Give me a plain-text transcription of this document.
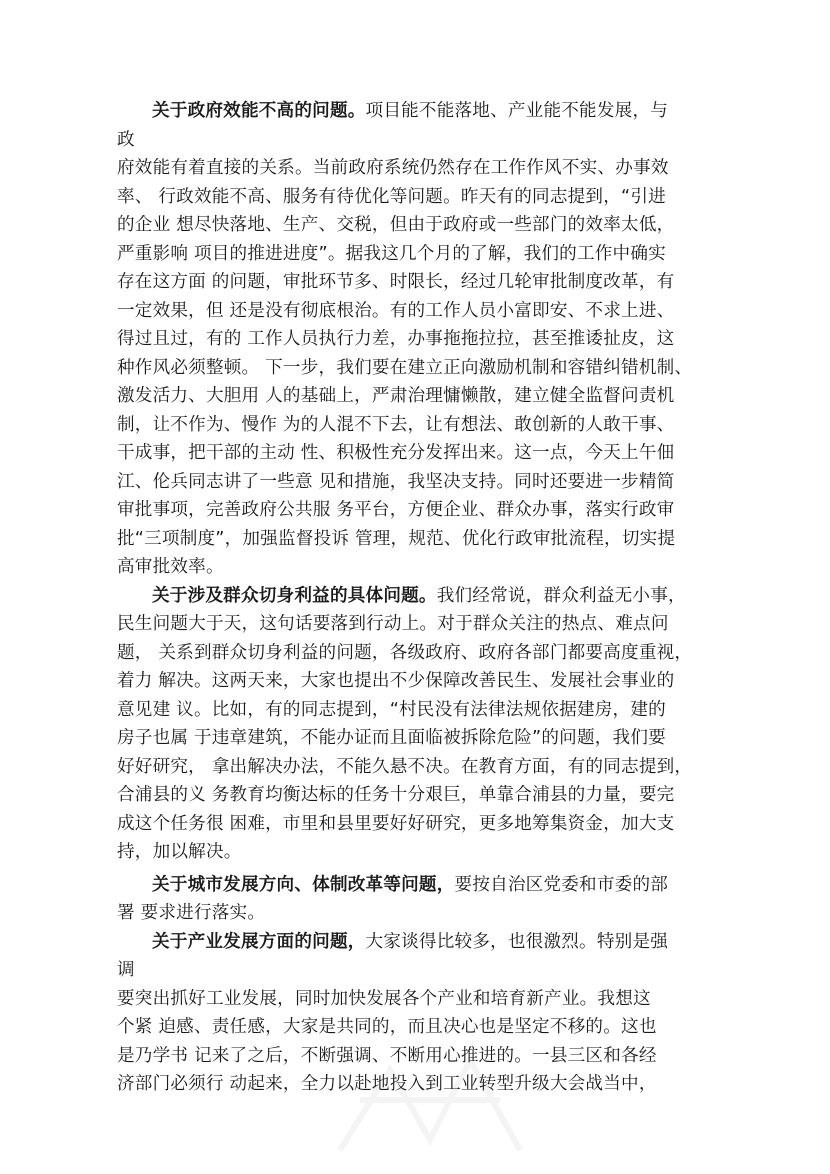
关于政府效能不高的问题。项目能不能落地、产业能不能发展，与
政
府效能有着直接的关系。当前政府系统仍然存在工作作风不实、办事效
率、 行政效能不高、服务有待优化等问题。昨天有的同志提到，“引进
的企业 想尽快落地、生产、交税，但由于政府或一些部门的效率太低，
严重影响 项目的推进进度”。据我这几个月的了解，我们的工作中确实
存在这方面 的问题，审批环节多、时限长，经过几轮审批制度改革，有
一定效果，但 还是没有彻底根治。有的工作人员小富即安、不求上进、
得过且过，有的 工作人员执行力差，办事拖拖拉拉，甚至推诿扯皮，这
种作风必须整顿。 下一步，我们要在建立正向激励机制和容错纠错机制、
激发活力、大胆用 人的基础上，严肃治理慵懒散，建立健全监督问责机
制，让不作为、慢作 为的人混不下去，让有想法、敢创新的人敢干事、
干成事，把干部的主动 性、积极性充分发挥出来。这一点，今天上午佃
江、伦兵同志讲了一些意 见和措施，我坚决支持。同时还要进一步精简
审批事项，完善政府公共服 务平台，方便企业、群众办事，落实行政审
批“三项制度”，加强监督投诉 管理，规范、优化行政审批流程，切实提
高审批效率。
关于涉及群众切身利益的具体问题。我们经常说，群众利益无小事，
民生问题大于天，这句话要落到行动上。对于群众关注的热点、难点问
题， 关系到群众切身利益的问题，各级政府、政府各部门都要高度重视，
着力 解决。这两天来，大家也提出不少保障改善民生、发展社会事业的
意见建 议。比如，有的同志提到，“村民没有法律法规依据建房，建的
房子也属 于违章建筑，不能办证而且面临被拆除危险”的问题，我们要
好好研究， 拿出解决办法，不能久悬不决。在教育方面，有的同志提到，
合浦县的义 务教育均衡达标的任务十分艰巨，单靠合浦县的力量，要完
成这个任务很 困难，市里和县里要好好研究，更多地筹集资金，加大支
持，加以解决。
关于城市发展方向、体制改革等问题，要按自治区党委和市委的部
署 要求进行落实。
关于产业发展方面的问题，大家谈得比较多，也很激烈。特别是强
调
要突出抓好工业发展，同时加快发展各个产业和培育新产业。我想这
个紧 迫感、责任感，大家是共同的，而且决心也是坚定不移的。这也
是乃学书 记来了之后，不断强调、不断用心推进的。一县三区和各经
济部门必须行 动起来，全力以赴地投入到工业转型升级大会战当中，
